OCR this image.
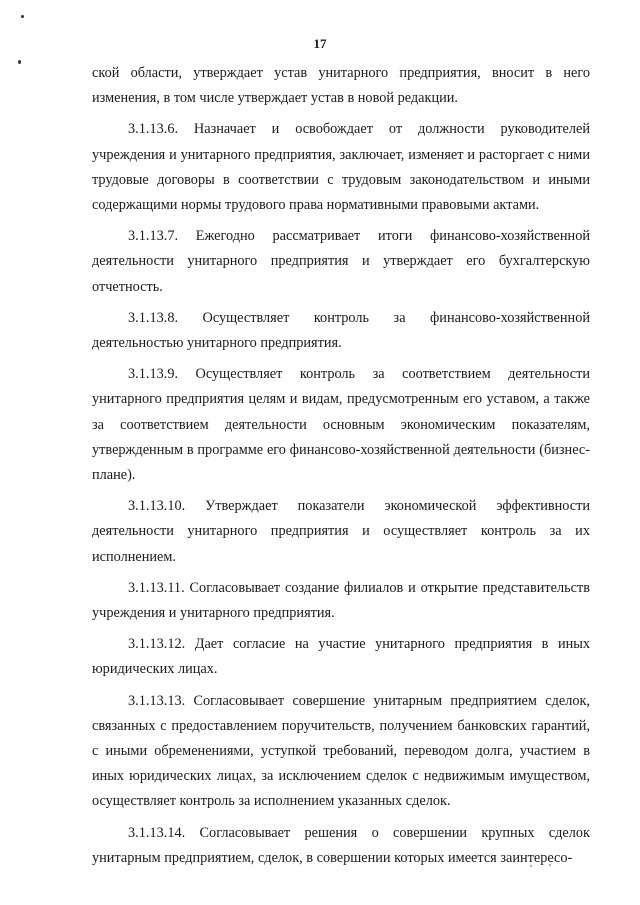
17

ской области, утверждает устав унитарного предприятия, вносит в него изменения, в том числе утверждает устав в новой редакции.

3.1.13.6. Назначает и освобождает от должности руководителей учреждения и унитарного предприятия, заключает, изменяет и расторгает с ними трудовые договоры в соответствии с трудовым законодательством и иными содержащими нормы трудового права нормативными правовыми актами.

3.1.13.7. Ежегодно рассматривает итоги финансово-хозяйственной деятельности унитарного предприятия и утверждает его бухгалтерскую отчетность.

3.1.13.8. Осуществляет контроль за финансово-хозяйственной деятельностью унитарного предприятия.

3.1.13.9. Осуществляет контроль за соответствием деятельности унитарного предприятия целям и видам, предусмотренным его уставом, а также за соответствием деятельности основным экономическим показателям, утвержденным в программе его финансово-хозяйственной деятельности (бизнес-плане).

3.1.13.10. Утверждает показатели экономической эффективности деятельности унитарного предприятия и осуществляет контроль за их исполнением.

3.1.13.11. Согласовывает создание филиалов и открытие представительств учреждения и унитарного предприятия.

3.1.13.12. Дает согласие на участие унитарного предприятия в иных юридических лицах.

3.1.13.13. Согласовывает совершение унитарным предприятием сделок, связанных с предоставлением поручительств, получением банковских гарантий, с иными обременениями, уступкой требований, переводом долга, участием в иных юридических лицах, за исключением сделок с недвижимым имуществом, осуществляет контроль за исполнением указанных сделок.

3.1.13.14. Согласовывает решения о совершении крупных сделок унитарным предприятием, сделок, в совершении которых имеется заинтересо-
